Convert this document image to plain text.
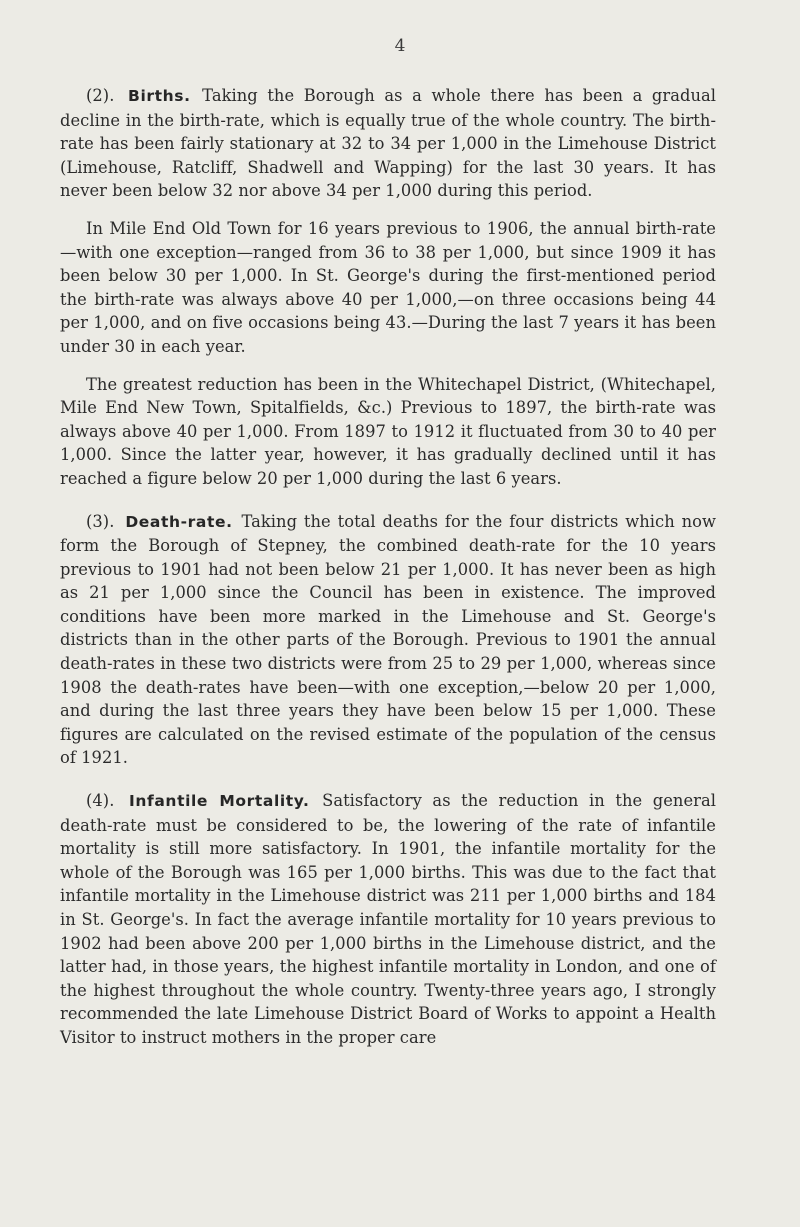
4

(2). Births. Taking the Borough as a whole there has been a gradual decline in the birth-rate, which is equally true of the whole country. The birth-rate has been fairly stationary at 32 to 34 per 1,000 in the Limehouse District (Limehouse, Ratcliff, Shadwell and Wapping) for the last 30 years. It has never been below 32 nor above 34 per 1,000 during this period.

In Mile End Old Town for 16 years previous to 1906, the annual birth-rate—with one exception—ranged from 36 to 38 per 1,000, but since 1909 it has been below 30 per 1,000. In St. George's during the first-mentioned period the birth-rate was always above 40 per 1,000,—on three occasions being 44 per 1,000, and on five occasions being 43.—During the last 7 years it has been under 30 in each year.

The greatest reduction has been in the Whitechapel District, (Whitechapel, Mile End New Town, Spitalfields, &c.) Previous to 1897, the birth-rate was always above 40 per 1,000. From 1897 to 1912 it fluctuated from 30 to 40 per 1,000. Since the latter year, however, it has gradually declined until it has reached a figure below 20 per 1,000 during the last 6 years.

(3). Death-rate. Taking the total deaths for the four districts which now form the Borough of Stepney, the combined death-rate for the 10 years previous to 1901 had not been below 21 per 1,000. It has never been as high as 21 per 1,000 since the Council has been in existence. The improved conditions have been more marked in the Limehouse and St. George's districts than in the other parts of the Borough. Previous to 1901 the annual death-rates in these two districts were from 25 to 29 per 1,000, whereas since 1908 the death-rates have been—with one exception,—below 20 per 1,000, and during the last three years they have been below 15 per 1,000. These figures are calculated on the revised estimate of the population of the census of 1921.

(4). Infantile Mortality. Satisfactory as the reduction in the general death-rate must be considered to be, the lowering of the rate of infantile mortality is still more satisfactory. In 1901, the infantile mortality for the whole of the Borough was 165 per 1,000 births. This was due to the fact that infantile mortality in the Limehouse district was 211 per 1,000 births and 184 in St. George's. In fact the average infantile mortality for 10 years previous to 1902 had been above 200 per 1,000 births in the Limehouse district, and the latter had, in those years, the highest infantile mortality in London, and one of the highest throughout the whole country. Twenty-three years ago, I strongly recommended the late Limehouse District Board of Works to appoint a Health Visitor to instruct mothers in the proper care
